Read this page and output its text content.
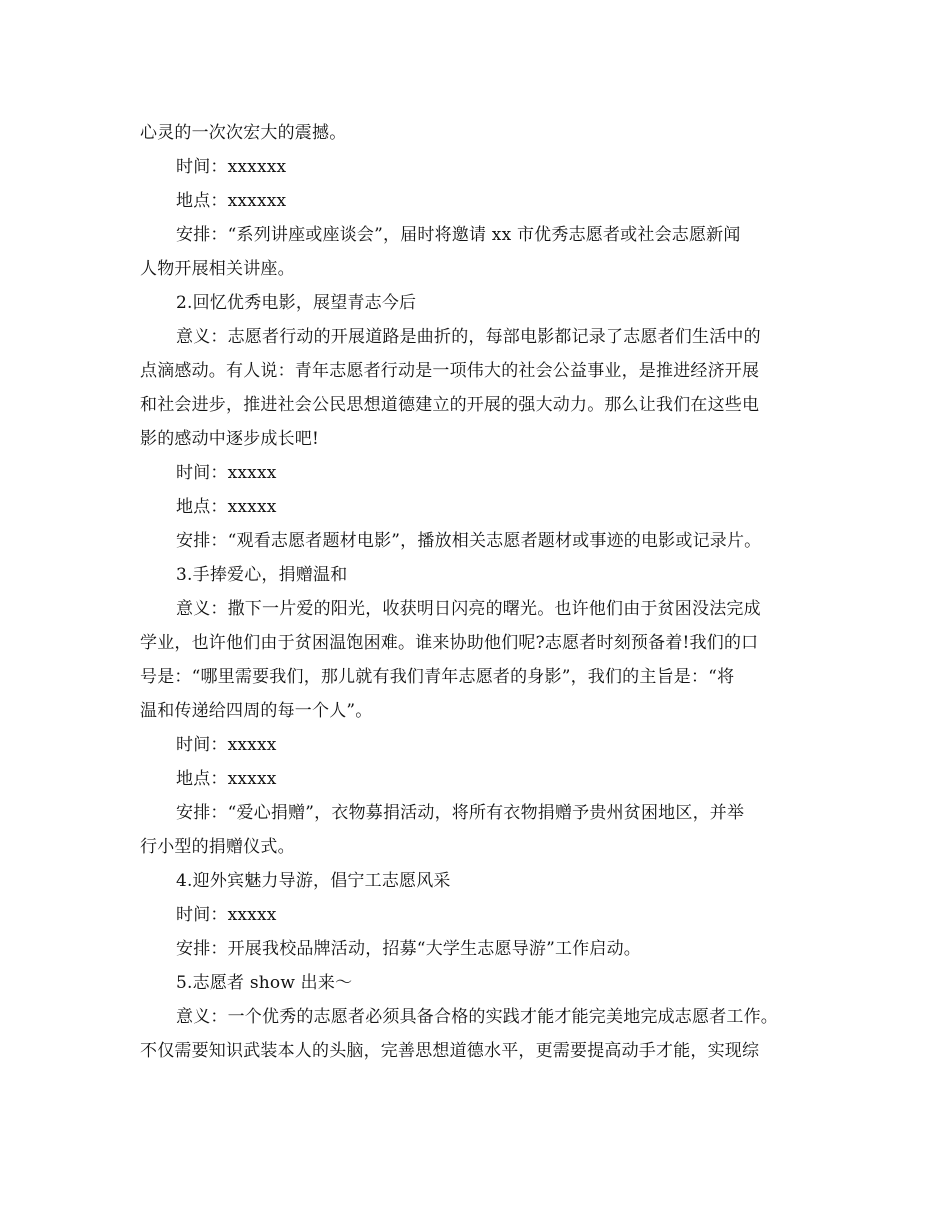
心灵的一次次宏大的震撼。
时间：xxxxxx
地点：xxxxxx
安排：“系列讲座或座谈会”，届时将邀请 xx 市优秀志愿者或社会志愿新闻
人物开展相关讲座。
2.回忆优秀电影，展望青志今后
意义：志愿者行动的开展道路是曲折的，每部电影都记录了志愿者们生活中的
点滴感动。有人说：青年志愿者行动是一项伟大的社会公益事业，是推进经济开展
和社会进步，推进社会公民思想道德建立的开展的强大动力。那么让我们在这些电
影的感动中逐步成长吧!
时间：xxxxx
地点：xxxxx
安排：“观看志愿者题材电影”，播放相关志愿者题材或事迹的电影或记录片。
3.手捧爱心，捐赠温和
意义：撒下一片爱的阳光，收获明日闪亮的曙光。也许他们由于贫困没法完成
学业，也许他们由于贫困温饱困难。谁来协助他们呢?志愿者时刻预备着!我们的口
号是：“哪里需要我们，那儿就有我们青年志愿者的身影”，我们的主旨是：“将
温和传递给四周的每一个人”。
时间：xxxxx
地点：xxxxx
安排：“爱心捐赠”，衣物募捐活动，将所有衣物捐赠予贵州贫困地区，并举
行小型的捐赠仪式。
4.迎外宾魅力导游，倡宁工志愿风采
时间：xxxxx
安排：开展我校品牌活动，招募“大学生志愿导游”工作启动。
5.志愿者 show 出来～
意义：一个优秀的志愿者必须具备合格的实践才能才能完美地完成志愿者工作。
不仅需要知识武装本人的头脑，完善思想道德水平，更需要提高动手才能，实现综
